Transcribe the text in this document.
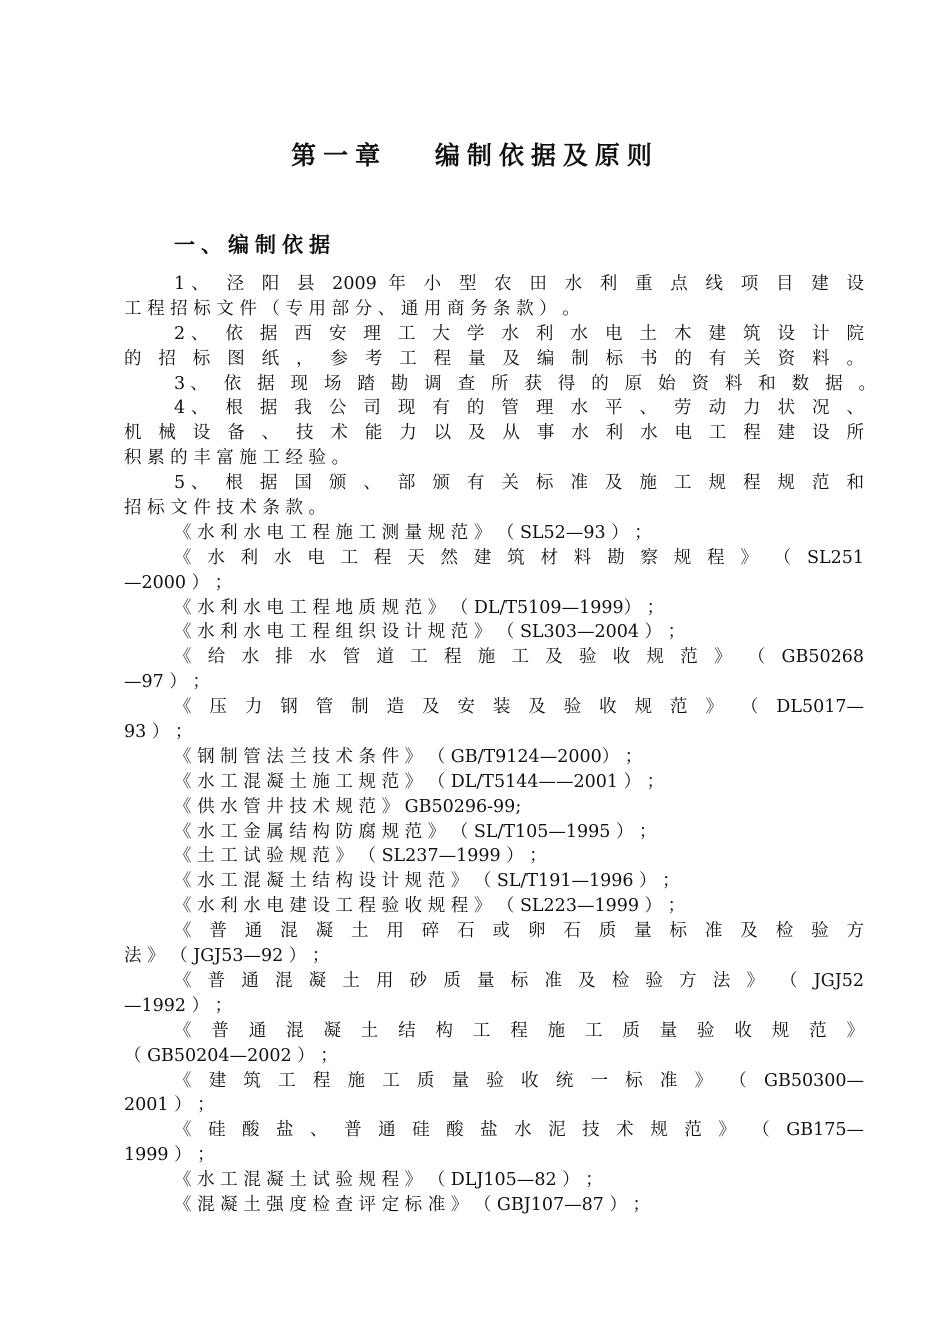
第一章　 编制依据及原则
一、编制依据
1、 泾 阳 县 2009 年 小 型 农 田 水 利 重 点 线 项 目 建 设
工 程 招 标 文 件 （ 专 用 部 分 、 通 用 商 务 条 款 ） 。
2、 依 据 西 安 理 工 大 学 水 利 水 电 土 木 建 筑 设 计 院
的 招 标 图 纸 ， 参 考 工 程 量 及 编 制 标 书 的 有 关 资 料 。
3、 依 据 现 场 踏 勘 调 查 所 获 得 的 原 始 资 料 和 数 据 。
4、 根 据 我 公 司 现 有 的 管 理 水 平 、 劳 动 力 状 况 、
机 械 设 备 、 技 术 能 力 以 及 从 事 水 利 水 电 工 程 建 设 所
积 累 的 丰 富 施 工 经 验 。
5、 根 据 国 颁 、 部 颁 有 关 标 准 及 施 工 规 程 规 范 和
招 标 文 件 技 术 条 款 。
《 水 利 水 电 工 程 施 工 测 量 规 范 》 （ SL52—93 ） ；
《 水 利 水 电 工 程 天 然 建 筑 材 料 勘 察 规 程 》 （ SL251
—2000 ） ；
《 水 利 水 电 工 程 地 质 规 范 》 （ DL/T5109—1999） ；
《 水 利 水 电 工 程 组 织 设 计 规 范 》 （ SL303—2004 ） ；
《 给 水 排 水 管 道 工 程 施 工 及 验 收 规 范 》 （ GB50268
—97 ） ；
《 压 力 钢 管 制 造 及 安 装 及 验 收 规 范 》 （ DL5017—
93 ） ；
《 钢 制 管 法 兰 技 术 条 件 》 （ GB/T9124—2000） ；
《 水 工 混 凝 土 施 工 规 范 》 （ DL/T5144——2001 ） ；
《 供 水 管 井 技 术 规 范 》 GB50296-99;
《 水 工 金 属 结 构 防 腐 规 范 》 （ SL/T105—1995 ） ；
《 土 工 试 验 规 范 》 （ SL237—1999 ） ；
《 水 工 混 凝 土 结 构 设 计 规 范 》 （ SL/T191—1996 ） ；
《 水 利 水 电 建 设 工 程 验 收 规 程 》 （ SL223—1999 ） ；
《 普 通 混 凝 土 用 碎 石 或 卵 石 质 量 标 准 及 检 验 方
法 》 （ JGJ53—92 ） ；
《 普 通 混 凝 土 用 砂 质 量 标 准 及 检 验 方 法 》 （ JGJ52
—1992 ） ；
《 普 通 混 凝 土 结 构 工 程 施 工 质 量 验 收 规 范 》
（ GB50204—2002 ） ；
《 建 筑 工 程 施 工 质 量 验 收 统 一 标 准 》 （ GB50300—
2001 ） ；
《 硅 酸 盐 、 普 通 硅 酸 盐 水 泥 技 术 规 范 》 （ GB175—
1999 ） ；
《 水 工 混 凝 土 试 验 规 程 》 （ DLJ105—82 ） ；
《 混 凝 土 强 度 检 查 评 定 标 准 》 （ GBJ107—87 ） ；
